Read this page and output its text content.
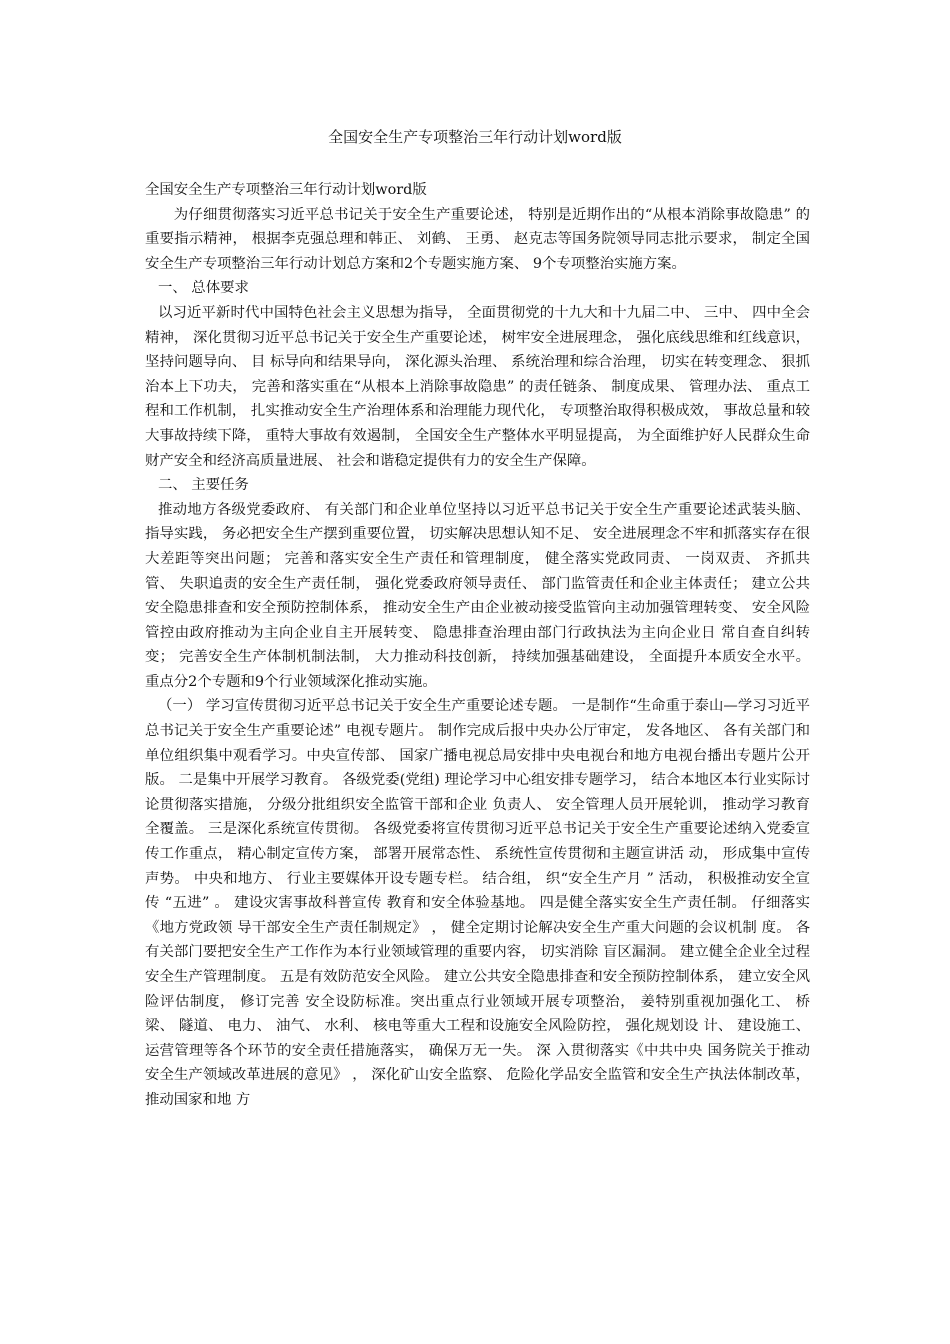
全国安全生产专项整治三年行动计划word版

全国安全生产专项整治三年行动计划word版

为仔细贯彻落实习近平总书记关于安全生产重要论述， 特别是近期作出的“从根本消除事故隐患” 的重要指示精神， 根据李克强总理和韩正、 刘鹤、 王勇、 赵克志等国务院领导同志批示要求， 制定全国安全生产专项整治三年行动计划总方案和2个专题实施方案、 9个专项整治实施方案。

一、 总体要求

以习近平新时代中国特色社会主义思想为指导， 全面贯彻党的十九大和十九届二中、 三中、 四中全会精神， 深化贯彻习近平总书记关于安全生产重要论述， 树牢安全进展理念， 强化底线思维和红线意识， 坚持问题导向、 目 标导向和结果导向， 深化源头治理、 系统治理和综合治理， 切实在转变理念、 狠抓治本上下功夫， 完善和落实重在“从根本上消除事故隐患” 的责任链条、 制度成果、 管理办法、 重点工程和工作机制， 扎实推动安全生产治理体系和治理能力现代化， 专项整治取得积极成效， 事故总量和较大事故持续下降， 重特大事故有效遏制， 全国安全生产整体水平明显提高， 为全面维护好人民群众生命财产安全和经济高质量进展、 社会和谐稳定提供有力的安全生产保障。

二、 主要任务

推动地方各级党委政府、 有关部门和企业单位坚持以习近平总书记关于安全生产重要论述武装头脑、 指导实践， 务必把安全生产摆到重要位置， 切实解决思想认知不足、 安全进展理念不牢和抓落实存在很大差距等突出问题； 完善和落实安全生产责任和管理制度， 健全落实党政同责、 一岗双责、 齐抓共管、 失职追责的安全生产责任制， 强化党委政府领导责任、 部门监管责任和企业主体责任； 建立公共安全隐患排查和安全预防控制体系， 推动安全生产由企业被动接受监管向主动加强管理转变、 安全风险管控由政府推动为主向企业自主开展转变、 隐患排查治理由部门行政执法为主向企业日 常自查自纠转变； 完善安全生产体制机制法制， 大力推动科技创新， 持续加强基础建设， 全面提升本质安全水平。 重点分2个专题和9个行业领域深化推动实施。

（一） 学习宣传贯彻习近平总书记关于安全生产重要论述专题。 一是制作“生命重于泰山—学习习近平总书记关于安全生产重要论述” 电视专题片。 制作完成后报中央办公厅审定， 发各地区、 各有关部门和单位组织集中观看学习。中央宣传部、 国家广播电视总局安排中央电视台和地方电视台播出专题片公开版。 二是集中开展学习教育。 各级党委(党组) 理论学习中心组安排专题学习， 结合本地区本行业实际讨论贯彻落实措施， 分级分批组织安全监管干部和企业 负责人、 安全管理人员开展轮训， 推动学习教育全覆盖。 三是深化系统宣传贯彻。 各级党委将宣传贯彻习近平总书记关于安全生产重要论述纳入党委宣传工作重点， 精心制定宣传方案， 部署开展常态性、 系统性宣传贯彻和主题宣讲活 动， 形成集中宣传声势。 中央和地方、 行业主要媒体开设专题专栏。 结合组， 织“安全生产月 ” 活动， 积极推动安全宣传 “五进” 。 建设灾害事故科普宣传 教育和安全体验基地。 四是健全落实安全生产责任制。 仔细落实《地方党政领 导干部安全生产责任制规定》 ， 健全定期讨论解决安全生产重大问题的会议机制 度。 各有关部门要把安全生产工作作为本行业领域管理的重要内容， 切实消除 盲区漏洞。 建立健全企业全过程安全生产管理制度。 五是有效防范安全风险。 建立公共安全隐患排查和安全预防控制体系， 建立安全风险评估制度， 修订完善 安全设防标准。突出重点行业领域开展专项整治， 姜特别重视加强化工、 桥梁、 隧道、 电力、 油气、 水利、 核电等重大工程和设施安全风险防控， 强化规划设 计、 建设施工、 运营管理等各个环节的安全责任措施落实， 确保万无一失。 深 入贯彻落实《中共中央 国务院关于推动安全生产领域改革进展的意见》 ， 深化矿山安全监察、 危险化学品安全监管和安全生产执法体制改革， 推动国家和地 方
